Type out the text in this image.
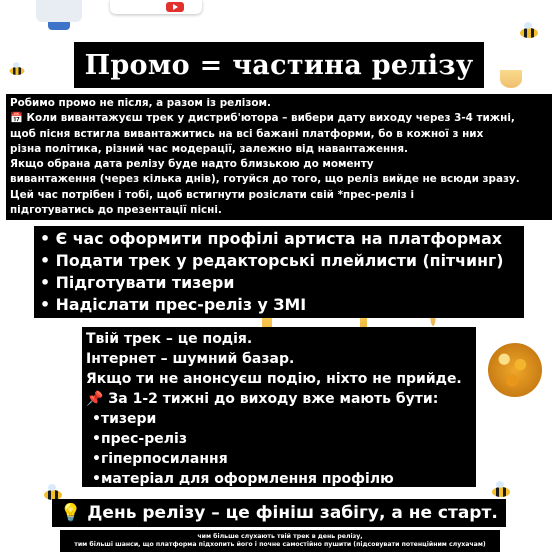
Промо = частина релізу
Робимо промо не після, а разом із релізом.
📅 Коли вивантажуєш трек у дистриб'ютора – вибери дату виходу через 3-4 тижні,
щоб пісня встигла вивантажитись на всі бажані платформи, бо в кожної з них
різна політика, різний час модерації, залежно від навантаження.
Якщо обрана дата релізу буде надто близькою до моменту
вивантаження (через кілька днів), готуйся до того, що реліз вийде не всюди зразу.
Цей час потрібен і тобі, щоб встигнути розіслати свій *прес-реліз і
підготуватись до презентації пісні.
• Є час оформити профілі артиста на платформах
• Подати трек у редакторські плейлисти (пітчинг)
• Підготувати тизери
• Надіслати прес-реліз у ЗМІ
Твій трек – це подія.
Інтернет – шумний базар.
Якщо ти не анонсуєш подію, ніхто не прийде.
📌 За 1-2 тижні до виходу вже мають бути:
•тизери
•прес-реліз
•гіперпосилання
•матеріал для оформлення профілю
💡 День релізу – це фініш забігу, а не старт.
чим більше слухають твій трек в день релізу,
тим більші шанси, що платформа підхопить його і почне самостійно пушити (підсовувати потенційним слухачам)
